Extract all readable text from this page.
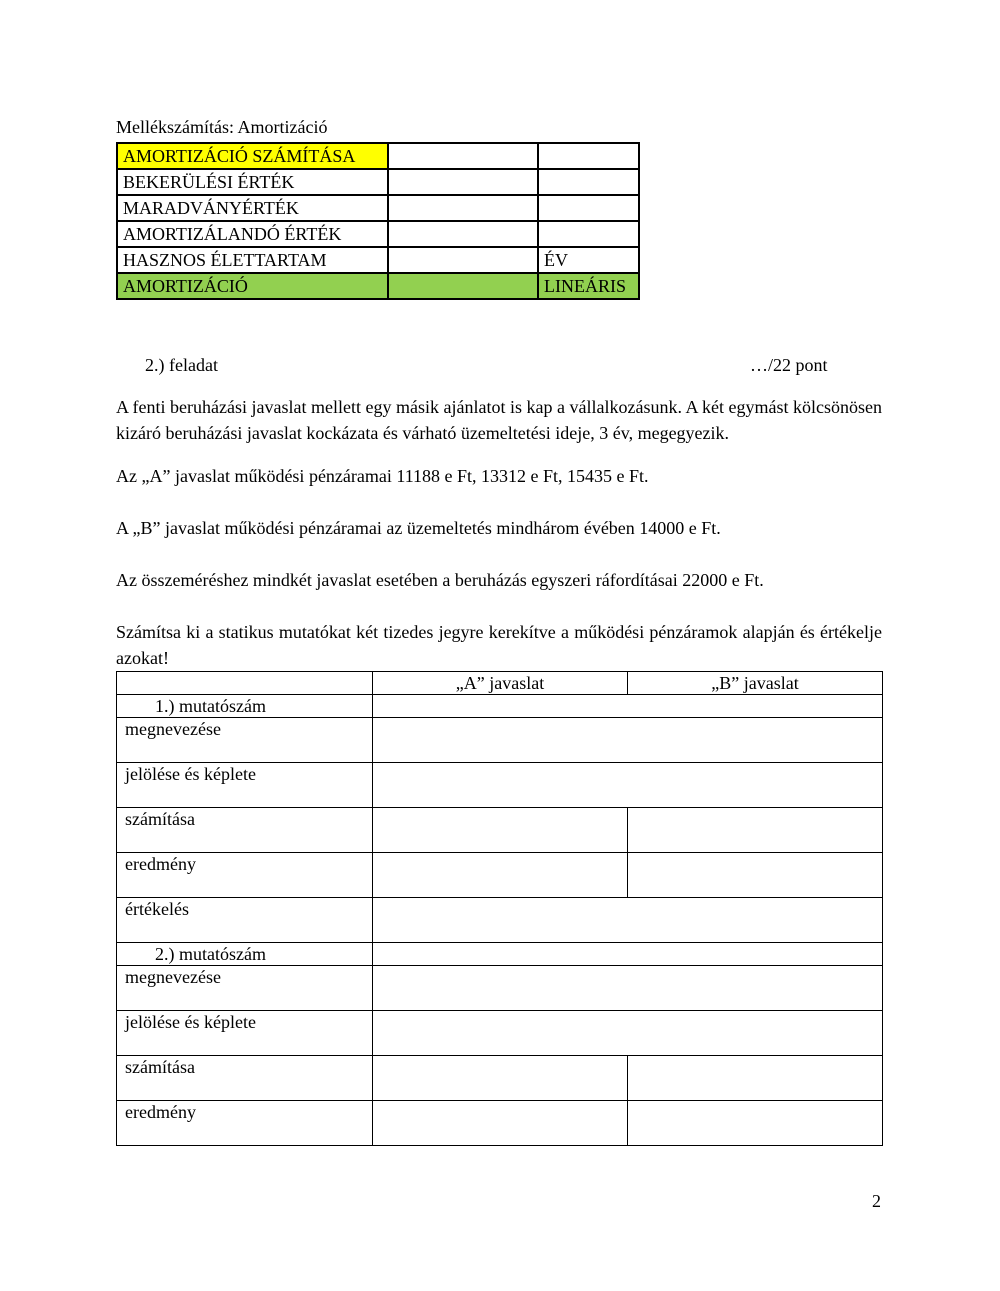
Mellékszámítás: Amortizáció
AMORTIZÁCIÓ SZÁMÍTÁSA		
BEKERÜLÉSI ÉRTÉK		
MARADVÁNYÉRTÉK		
AMORTIZÁLANDÓ ÉRTÉK		
HASZNOS ÉLETTARTAM		ÉV
AMORTIZÁCIÓ		LINEÁRIS
2.) feladat	…/22 pont
A fenti beruházási javaslat mellett egy másik ajánlatot is kap a vállalkozásunk. A két egymást kölcsönösen kizáró beruházási javaslat kockázata és várható üzemeltetési ideje, 3 év, megegyezik.
Az „A” javaslat működési pénzáramai 11188 e Ft, 13312 e Ft, 15435 e Ft.
A „B” javaslat működési pénzáramai az üzemeltetés mindhárom évében 14000 e Ft.
Az összeméréshez mindkét javaslat esetében a beruházás egyszeri ráfordításai 22000 e Ft.
Számítsa ki a statikus mutatókat két tizedes jegyre kerekítve a működési pénzáramok alapján és értékelje azokat!
	„A” javaslat	„B” javaslat
1.) mutatószám		
megnevezése		
jelölése és képlete		
számítása		
eredmény		
értékelés		
2.) mutatószám		
megnevezése		
jelölése és képlete		
számítása		
eredmény		
2
